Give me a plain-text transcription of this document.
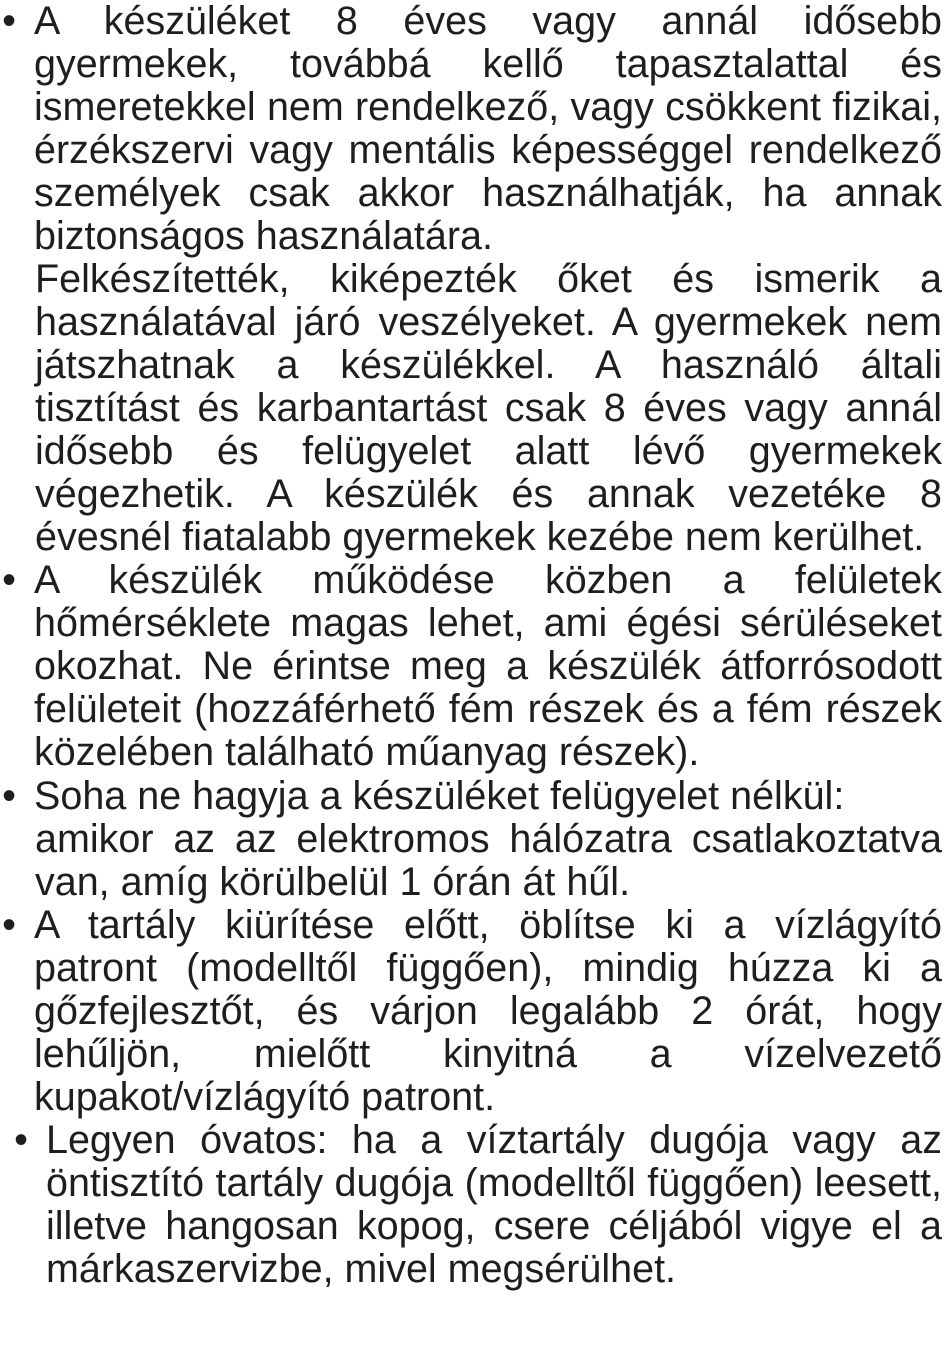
• A készüléket 8 éves vagy annál idősebb gyermekek, továbbá kellő tapasztalattal és ismeretekkel nem rendelkező, vagy csökkent fizikai, érzékszervi vagy mentális képességgel rendelkező személyek csak akkor használhatják, ha annak biztonságos használatára.

Felkészítették, kiképezték őket és ismerik a használatával járó veszélyeket. A gyermekek nem játszhatnak a készülékkel. A használó általi tisztítást és karbantartást csak 8 éves vagy annál idősebb és felügyelet alatt lévő gyermekek végezhetik. A készülék és annak vezetéke 8 évesnél fiatalabb gyermekek kezébe nem kerülhet.

• A készülék működése közben a felületek hőmérséklete magas lehet, ami égési sérüléseket okozhat. Ne érintse meg a készülék átforrósodott felületeit (hozzáférhető fém részek és a fém részek közelében található műanyag részek).

• Soha ne hagyja a készüléket felügyelet nélkül:

amikor az az elektromos hálózatra csatlakoztatva van, amíg körülbelül 1 órán át hűl.

• A tartály kiürítése előtt, öblítse ki a vízlágyító patront (modelltől függően), mindig húzza ki a gőzfejlesztőt, és várjon legalább 2 órát, hogy lehűljön, mielőtt kinyitná a vízelvezető kupakot/vízlágyító patront.

• Legyen óvatos: ha a víztartály dugója vagy az öntisztító tartály dugója (modelltől függően) leesett, illetve hangosan kopog, csere céljából vigye el a márkaszervizbe, mivel megsérülhet.
